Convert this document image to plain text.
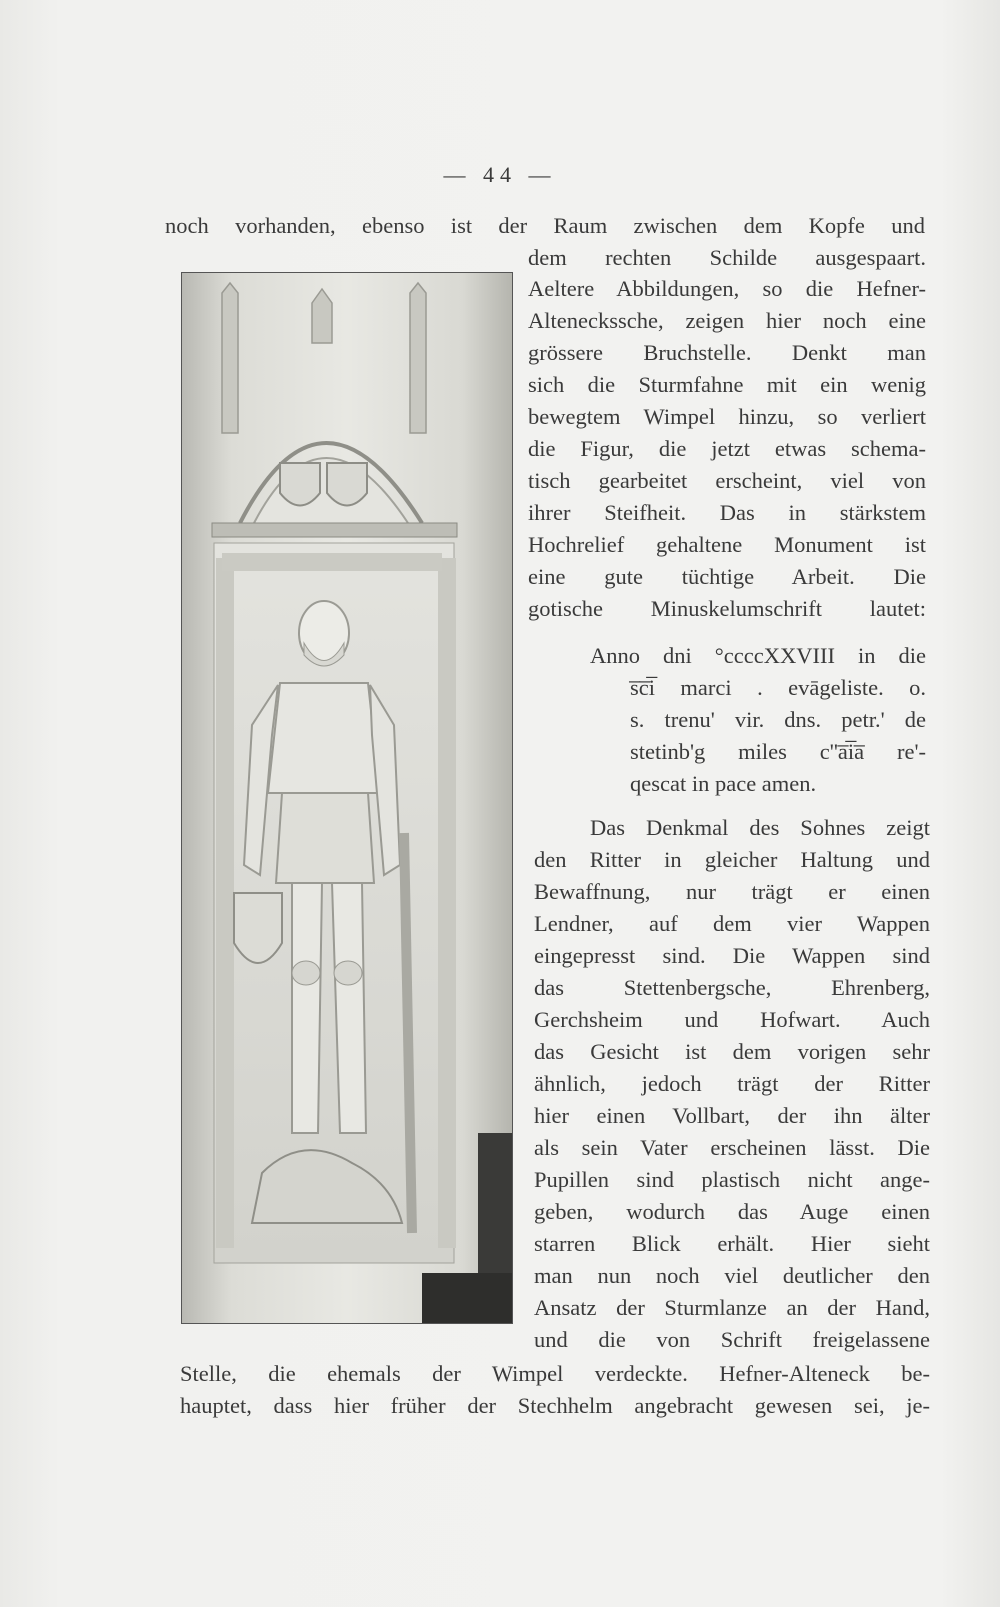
— 44 —
noch vorhanden, ebenso ist der Raum zwischen dem Kopfe und
dem rechten Schilde ausgespaart.
Aeltere Abbildungen, so die Hefner-
Alteneckssche, zeigen hier noch eine
grössere Bruchstelle. Denkt man
sich die Sturmfahne mit ein wenig
bewegtem Wimpel hinzu, so verliert
die Figur, die jetzt etwas schema-
tisch gearbeitet erscheint, viel von
ihrer Steifheit. Das in stärkstem
Hochrelief gehaltene Monument ist
eine gute tüchtige Arbeit. Die
gotische Minuskelumschrift lautet:
Anno dni °ccccXXVIII in die
s̅c̅i̅ marci . evāgeliste. o.
s. trenu' vir. dns. petr.' de
stetinb'g miles c''a̅i̅a̅ re'-
qescat in pace amen.
Das Denkmal des Sohnes zeigt
den Ritter in gleicher Haltung und
Bewaffnung, nur trägt er einen
Lendner, auf dem vier Wappen
eingepresst sind. Die Wappen sind
das Stettenbergsche, Ehrenberg,
Gerchsheim und Hofwart. Auch
das Gesicht ist dem vorigen sehr
ähnlich, jedoch trägt der Ritter
hier einen Vollbart, der ihn älter
als sein Vater erscheinen lässt. Die
Pupillen sind plastisch nicht ange-
geben, wodurch das Auge einen
starren Blick erhält. Hier sieht
man nun noch viel deutlicher den
Ansatz der Sturmlanze an der Hand,
und die von Schrift freigelassene
Stelle, die ehemals der Wimpel verdeckte. Hefner-Alteneck be-
hauptet, dass hier früher der Stechhelm angebracht gewesen sei, je-
